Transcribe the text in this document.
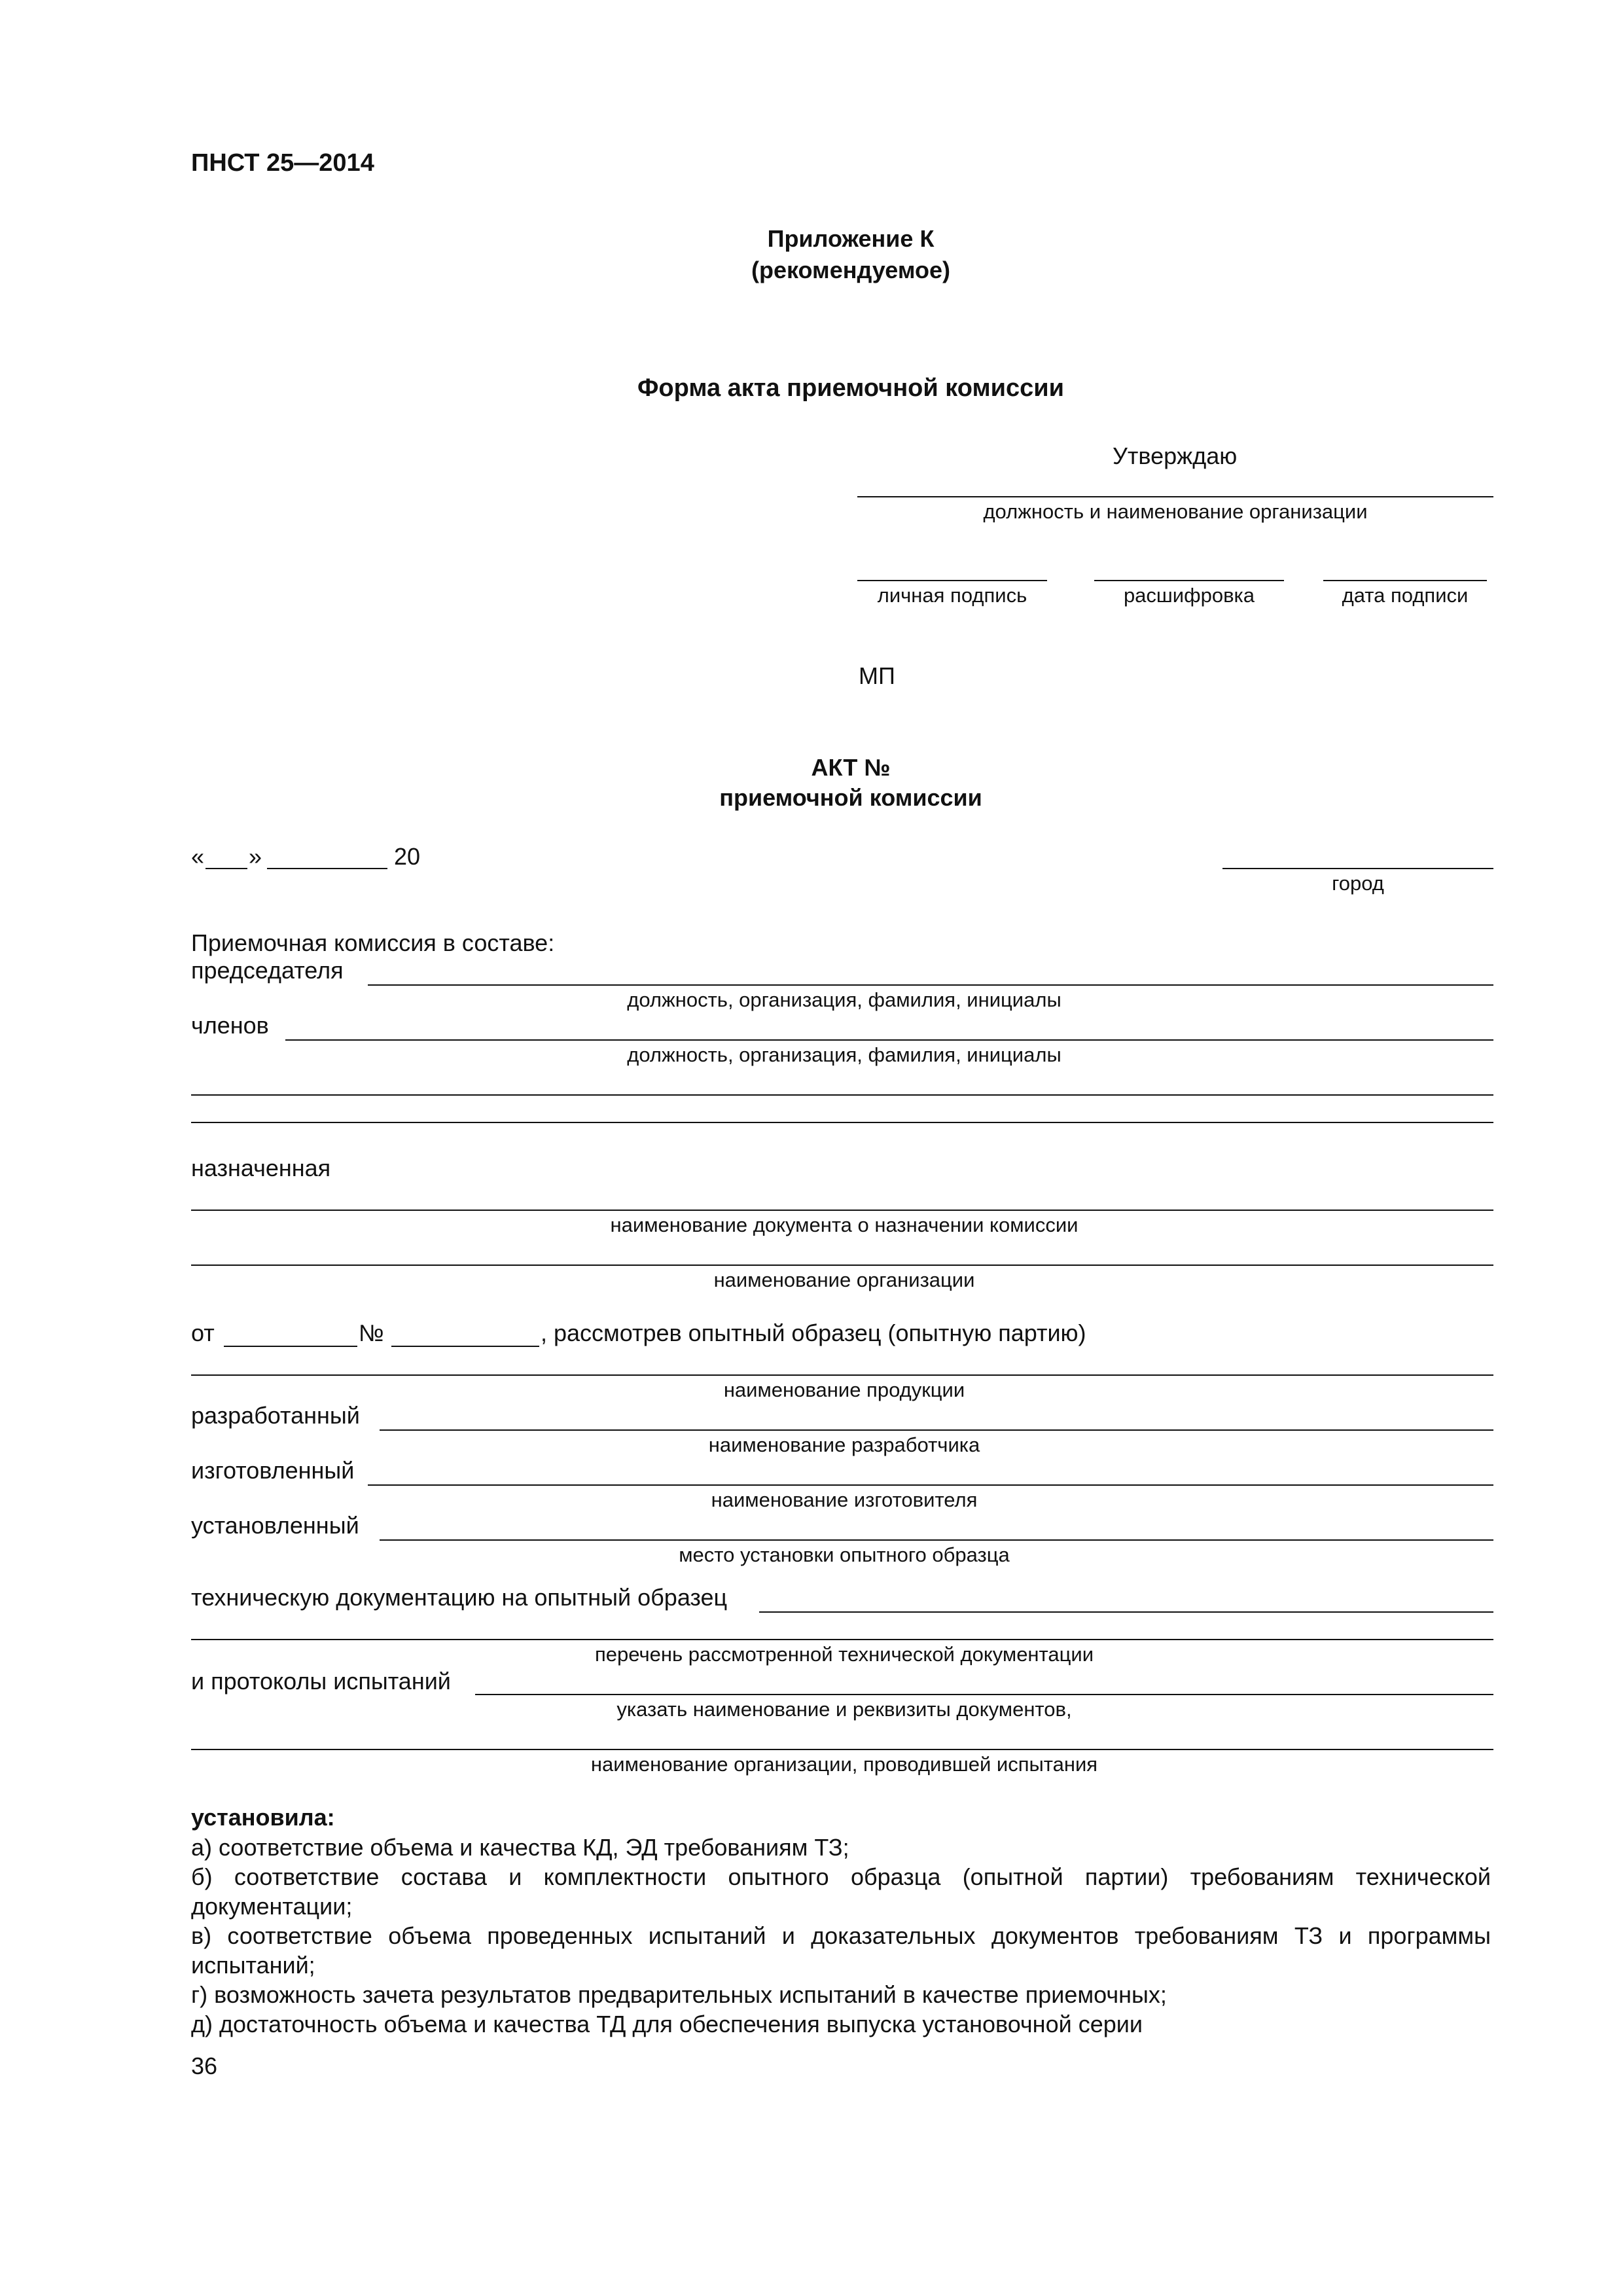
ПНСТ 25—2014
Приложение К
(рекомендуемое)
Форма акта приемочной комиссии
Утверждаю
должность и наименование организации
личная подпись	расшифровка	дата подписи
МП
АКТ №
приемочной комиссии
« »	20
город
Приемочная комиссия в составе:
председателя
должность, организация, фамилия, инициалы
членов
должность, организация, фамилия, инициалы
назначенная
наименование документа о назначении комиссии
наименование организации
от	№	, рассмотрев опытный образец (опытную партию)
наименование продукции
разработанный
наименование разработчика
изготовленный
наименование изготовителя
установленный
место установки опытного образца
техническую документацию на опытный образец
перечень рассмотренной технической документации
и протоколы испытаний
указать наименование и реквизиты документов,
наименование организации, проводившей испытания
установила:
а) соответствие объема и качества КД, ЭД требованиям ТЗ;
б) соответствие состава и комплектности опытного образца (опытной партии) требованиям технической документации;
в) соответствие объема проведенных испытаний и доказательных документов требованиям ТЗ и программы испытаний;
г) возможность зачета результатов предварительных испытаний в качестве приемочных;
д) достаточность объема и качества ТД для обеспечения выпуска установочной серии
36
